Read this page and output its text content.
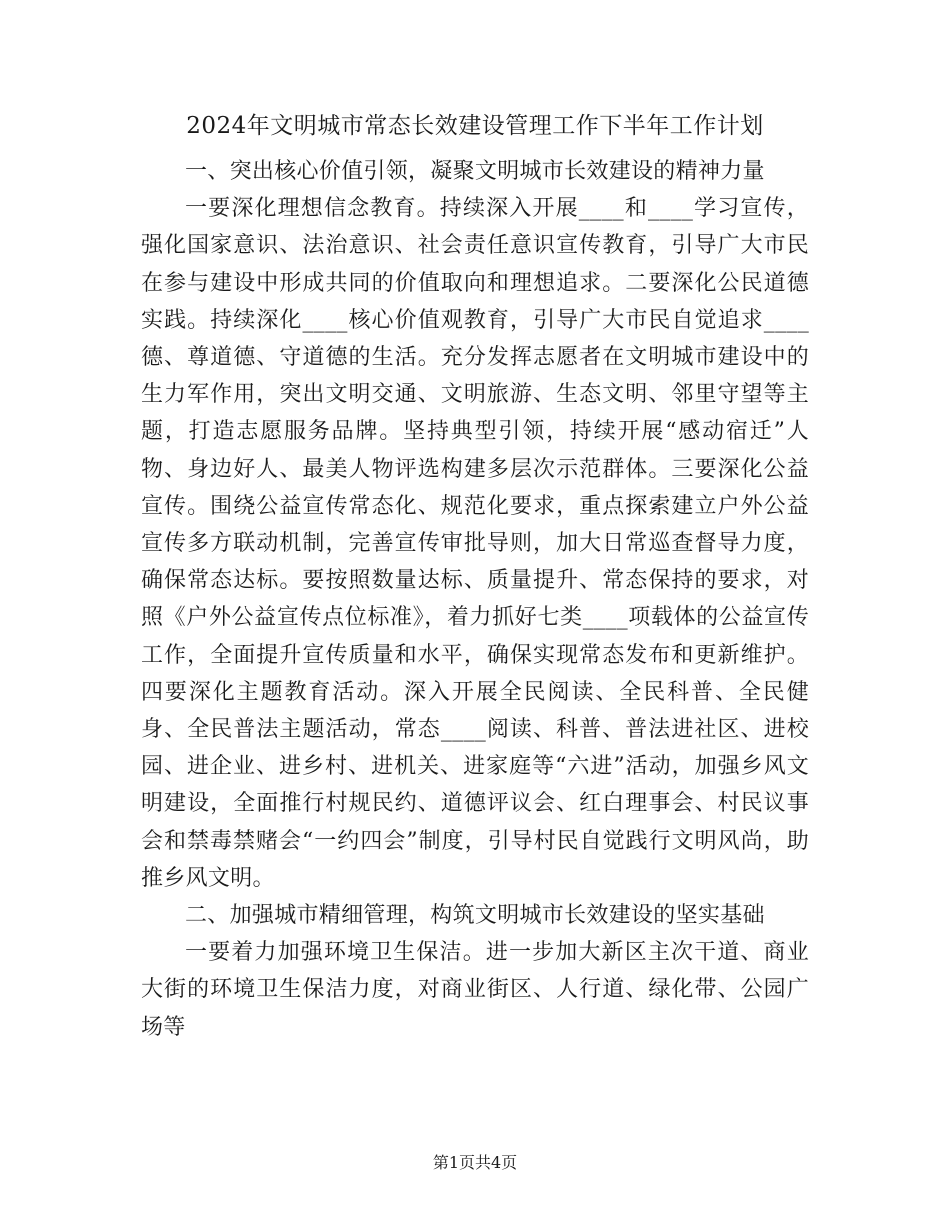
2024年文明城市常态长效建设管理工作下半年工作计划

一、突出核心价值引领，凝聚文明城市长效建设的精神力量

一要深化理想信念教育。持续深入开展____和____学习宣传，强化国家意识、法治意识、社会责任意识宣传教育，引导广大市民在参与建设中形成共同的价值取向和理想追求。二要深化公民道德实践。持续深化____核心价值观教育，引导广大市民自觉追求____德、尊道德、守道德的生活。充分发挥志愿者在文明城市建设中的生力军作用，突出文明交通、文明旅游、生态文明、邻里守望等主题，打造志愿服务品牌。坚持典型引领，持续开展“感动宿迁”人物、身边好人、最美人物评选构建多层次示范群体。三要深化公益宣传。围绕公益宣传常态化、规范化要求，重点探索建立户外公益宣传多方联动机制，完善宣传审批导则，加大日常巡查督导力度，确保常态达标。要按照数量达标、质量提升、常态保持的要求，对照《户外公益宣传点位标准》，着力抓好七类____项载体的公益宣传工作，全面提升宣传质量和水平，确保实现常态发布和更新维护。四要深化主题教育活动。深入开展全民阅读、全民科普、全民健身、全民普法主题活动，常态____阅读、科普、普法进社区、进校园、进企业、进乡村、进机关、进家庭等“六进”活动，加强乡风文明建设，全面推行村规民约、道德评议会、红白理事会、村民议事会和禁毒禁赌会“一约四会”制度，引导村民自觉践行文明风尚，助推乡风文明。

二、加强城市精细管理，构筑文明城市长效建设的坚实基础

一要着力加强环境卫生保洁。进一步加大新区主次干道、商业大街的环境卫生保洁力度，对商业街区、人行道、绿化带、公园广场等

第1页共4页
